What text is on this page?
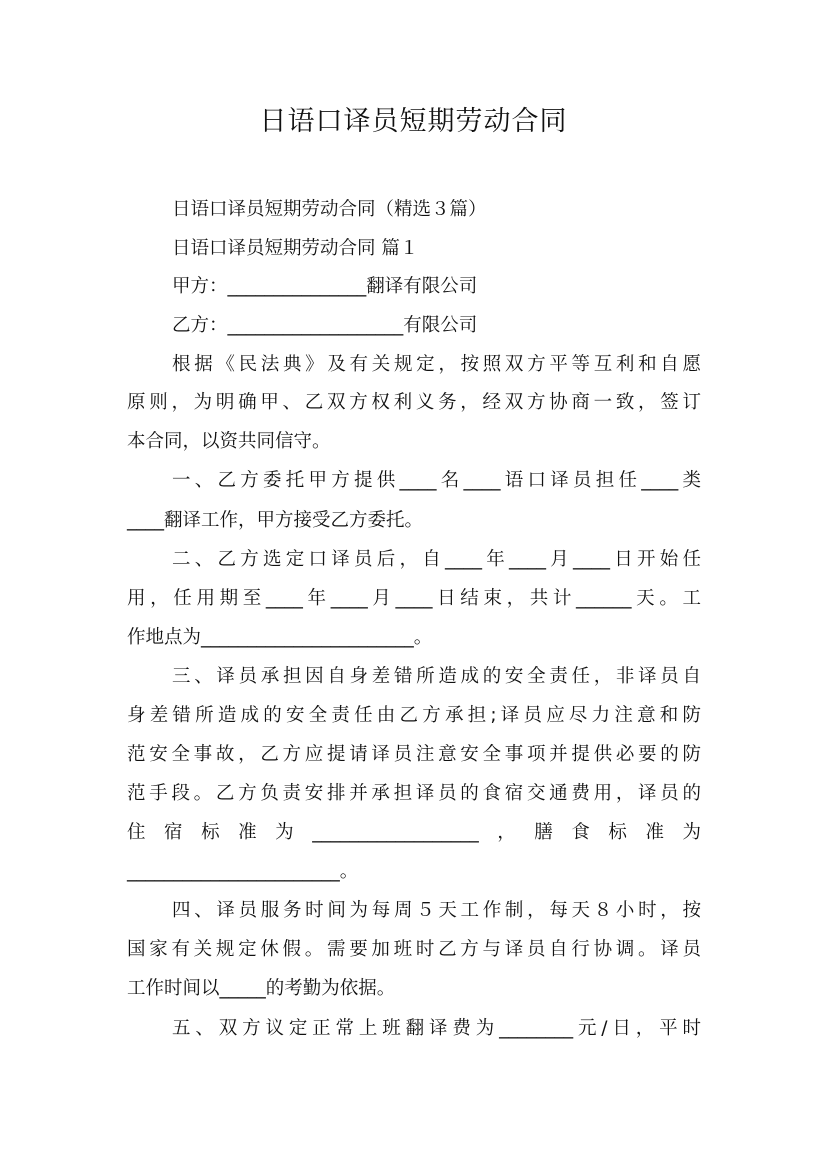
日语口译员短期劳动合同

日语口译员短期劳动合同（精选３篇）

日语口译员短期劳动合同 篇１

甲方：_______________翻译有限公司

乙方：___________________有限公司

根据《民法典》及有关规定，按照双方平等互利和自愿

原则，为明确甲、乙双方权利义务，经双方协商一致，签订

本合同，以资共同信守。

一、乙方委托甲方提供____名____语口译员担任____类

____翻译工作，甲方接受乙方委托。

二、乙方选定口译员后，自____年____月____日开始任

用，任用期至____年____月____日结束，共计______天。工

作地点为_______________________。

三、译员承担因自身差错所造成的安全责任，非译员自

身差错所造成的安全责任由乙方承担;译员应尽力注意和防

范安全事故，乙方应提请译员注意安全事项并提供必要的防

范手段。乙方负责安排并承担译员的食宿交通费用，译员的

住宿标准为__________________，膳食标准为

_______________________。

四、译员服务时间为每周５天工作制，每天８小时，按

国家有关规定休假。需要加班时乙方与译员自行协调。译员

工作时间以_____的考勤为依据。

五、双方议定正常上班翻译费为________元/日，平时
